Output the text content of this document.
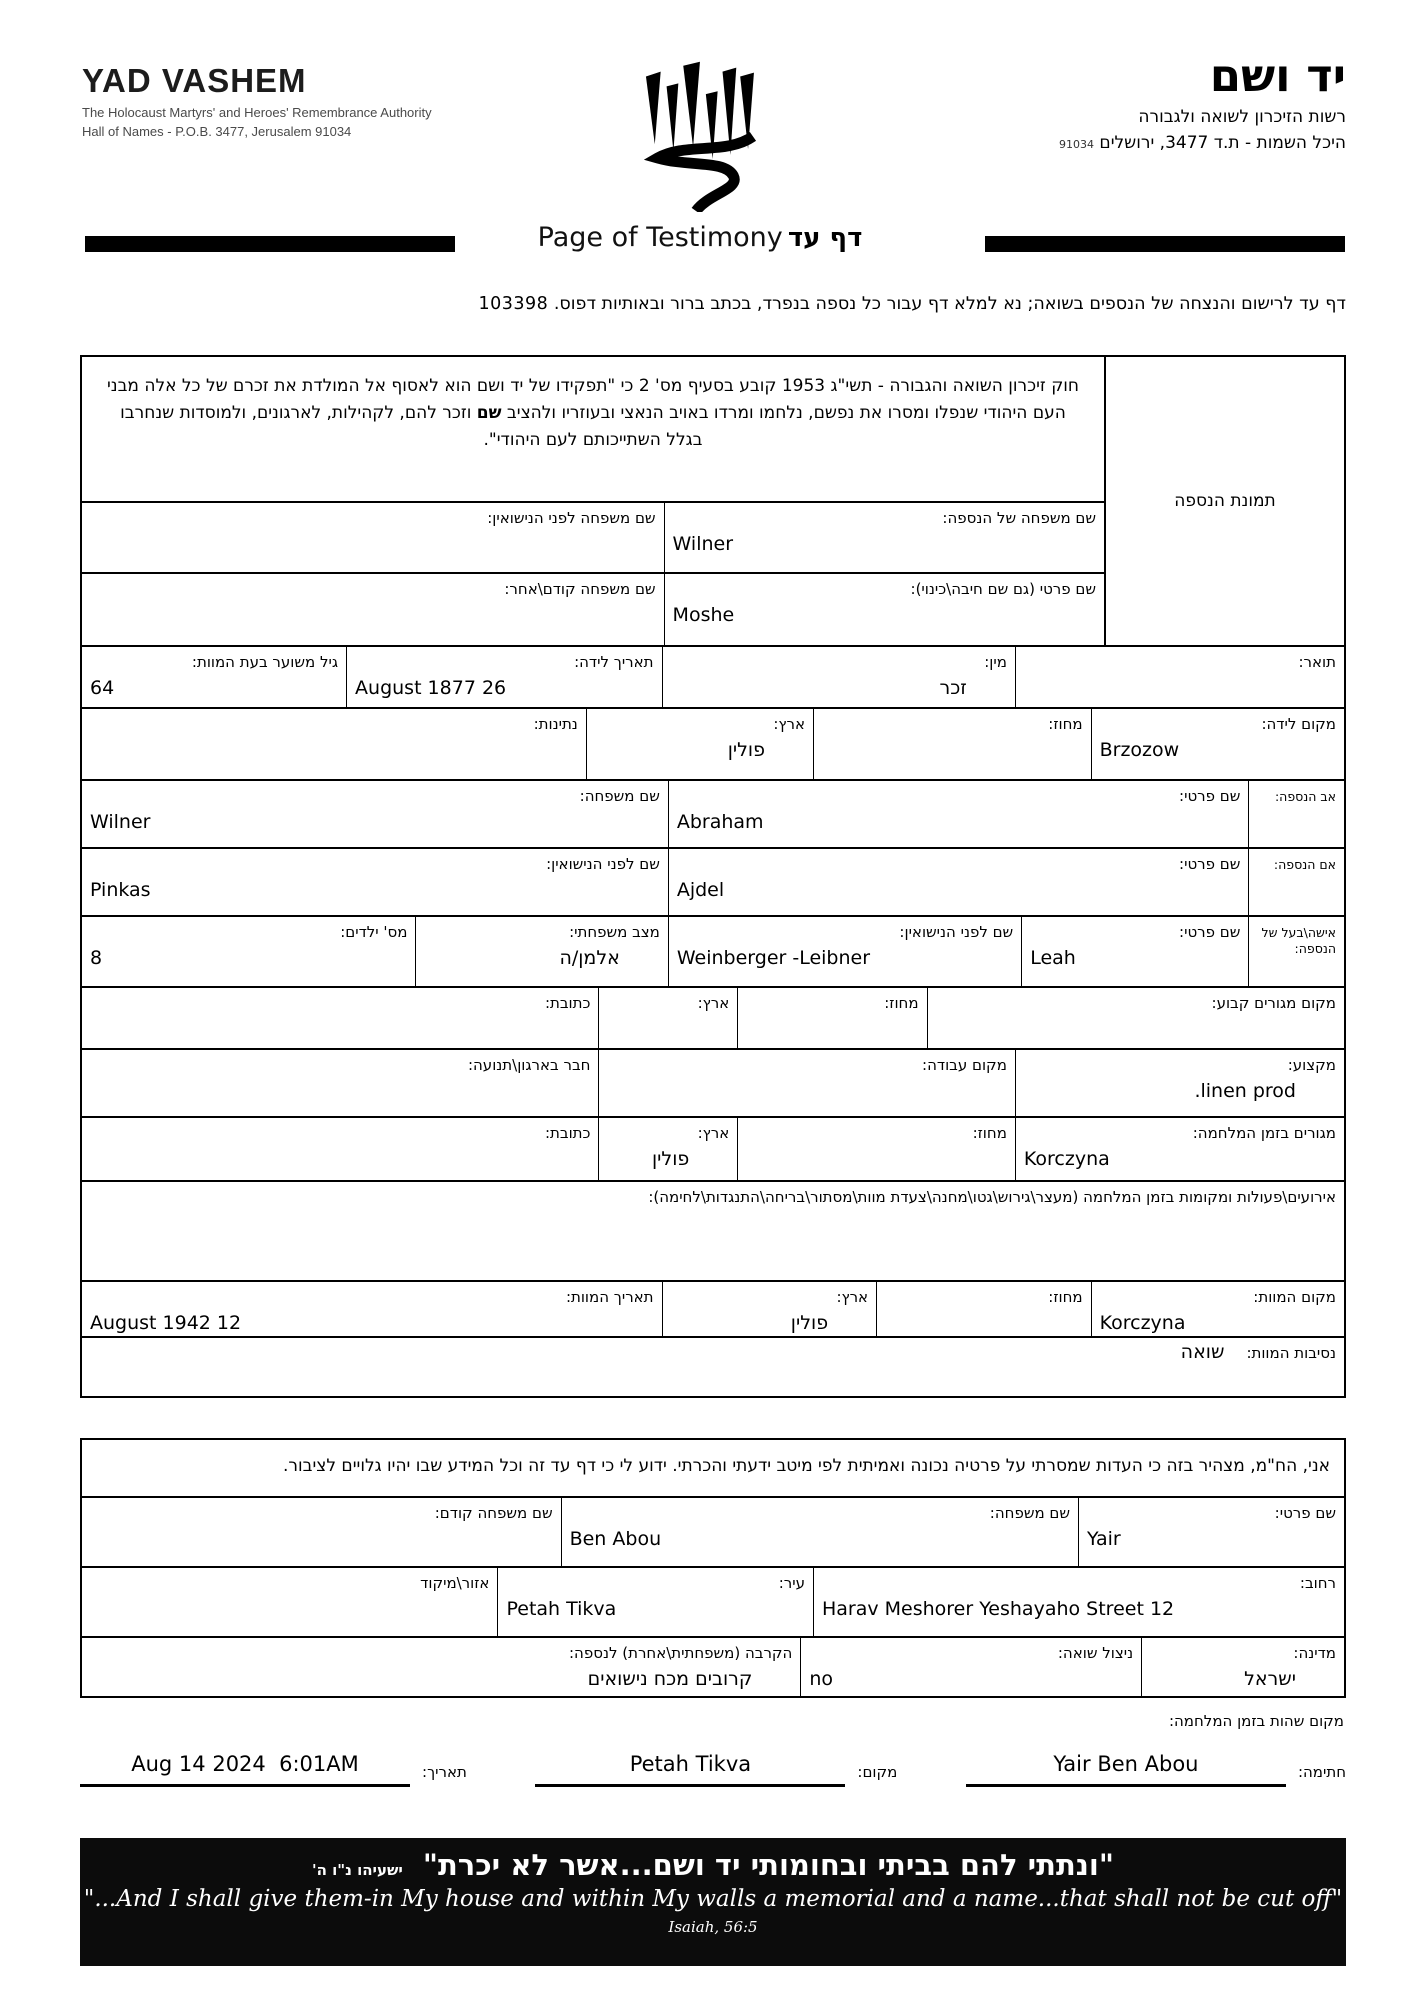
YAD VASHEM
The Holocaust Martyrs' and Heroes' Remembrance Authority
Hall of Names - P.O.B. 3477, Jerusalem 91034
יד ושם
רשות הזיכרון לשואה ולגבורה
היכל השמות - ת.ד 3477, ירושלים 91034
Page of Testimony דף עד
דף עד לרישום והנצחה של הנספים בשואה; נא למלא דף עבור כל נספה בנפרד, בכתב ברור ובאותיות דפוס. 103398
תמונת הנספה
חוק זיכרון השואה והגבורה - תשי"ג 1953 קובע בסעיף מס' 2 כי "תפקידו של יד ושם הוא לאסוף אל המולדת את זכרם של כל אלה מבני העם היהודי שנפלו ומסרו את נפשם, נלחמו ומרדו באויב הנאצי ובעוזריו ולהציב שם וזכר להם, לקהילות, לארגונים, ולמוסדות שנחרבו בגלל השתייכותם לעם היהודי".
שם משפחה של הנספה:
Wilner
שם משפחה לפני הנישואין:
שם פרטי (גם שם חיבה\כינוי):
Moshe
שם משפחה קודם\אחר:
תואר:
מין:
זכר
תאריך לידה:
August 1877 26
גיל משוער בעת המוות:
64
מקום לידה:
Brzozow
מחוז:
ארץ:
פולין
נתינות:
אב הנספה:
שם פרטי:
Abraham
שם משפחה:
Wilner
אם הנספה:
שם פרטי:
Ajdel
שם לפני הנישואין:
Pinkas
אישה\בעל של הנספה:
שם פרטי:
Leah
שם לפני הנישואין:
Weinberger -Leibner
מצב משפחתי:
אלמן/ה
מס' ילדים:
8
מקום מגורים קבוע:
מחוז:
ארץ:
כתובת:
מקצוע:
linen prod.
מקום עבודה:
חבר בארגון\תנועה:
מגורים בזמן המלחמה:
Korczyna
מחוז:
ארץ:
פולין
כתובת:
אירועים\פעולות ומקומות בזמן המלחמה (מעצר\גירוש\גטו\מחנה\צעדת מוות\מסתור\בריחה\התנגדות\לחימה):
מקום המוות:
Korczyna
מחוז:
ארץ:
פולין
תאריך המוות:
August 1942 12
נסיבות המוות:
שואה
אני, הח"מ, מצהיר בזה כי העדות שמסרתי על פרטיה נכונה ואמיתית לפי מיטב ידעתי והכרתי. ידוע לי כי דף עד זה וכל המידע שבו יהיו גלויים לציבור.
שם פרטי:
Yair
שם משפחה:
Ben Abou
שם משפחה קודם:
רחוב:
Harav Meshorer Yeshayaho Street 12
עיר:
Petah Tikva
אזור\מיקוד
מדינה:
ישראל
ניצול שואה:
no
הקרבה (משפחתית\אחרת) לנספה:
קרובים מכח נישואים
מקום שהות בזמן המלחמה:
חתימה:
Yair Ben Abou
מקום:
Petah Tikva
תאריך:
Aug 14 2024  6:01AM
"ונתתי להם בביתי ובחומותי יד ושם...אשר לא יכרת" ישעיהו נ"ו ה'
"...And I shall give them-in My house and within My walls a memorial and a name...that shall not be cut off" Isaiah, 56:5
